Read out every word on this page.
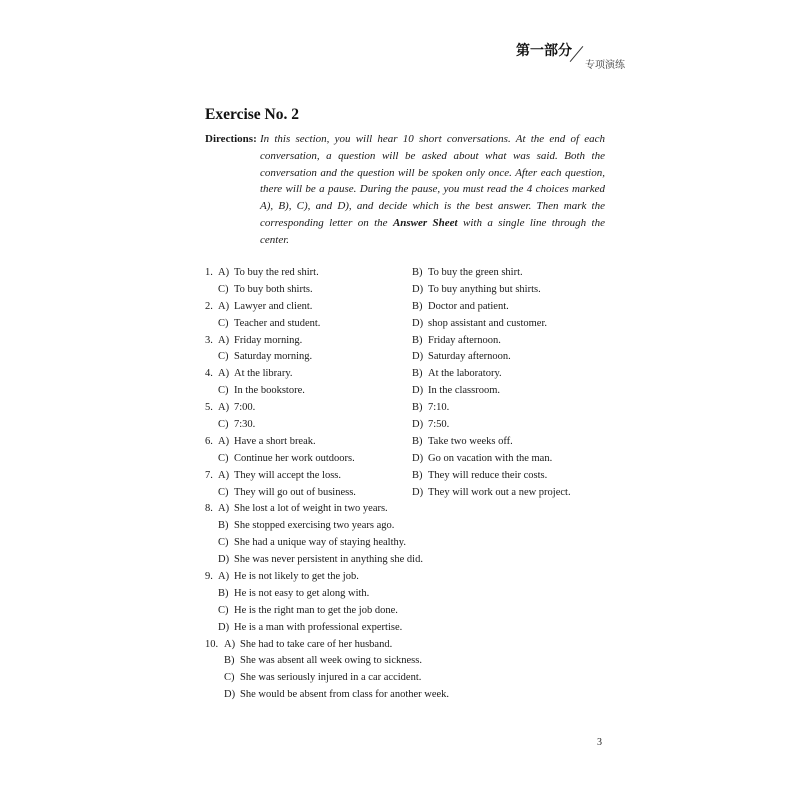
第一部分
专项演练
Exercise No. 2
Directions: In this section, you will hear 10 short conversations. At the end of each conversation, a question will be asked about what was said. Both the conversation and the question will be spoken only once. After each question, there will be a pause. During the pause, you must read the 4 choices marked A), B), C), and D), and decide which is the best answer. Then mark the corresponding letter on the Answer Sheet with a single line through the center.
1. A) To buy the red shirt.	B) To buy the green shirt.
C) To buy both shirts.	D) To buy anything but shirts.
2. A) Lawyer and client.	B) Doctor and patient.
C) Teacher and student.	D) shop assistant and customer.
3. A) Friday morning.	B) Friday afternoon.
C) Saturday morning.	D) Saturday afternoon.
4. A) At the library.	B) At the laboratory.
C) In the bookstore.	D) In the classroom.
5. A) 7:00.	B) 7:10.
C) 7:30.	D) 7:50.
6. A) Have a short break.	B) Take two weeks off.
C) Continue her work outdoors.	D) Go on vacation with the man.
7. A) They will accept the loss.	B) They will reduce their costs.
C) They will go out of business.	D) They will work out a new project.
8. A) She lost a lot of weight in two years.
B) She stopped exercising two years ago.
C) She had a unique way of staying healthy.
D) She was never persistent in anything she did.
9. A) He is not likely to get the job.
B) He is not easy to get along with.
C) He is the right man to get the job done.
D) He is a man with professional expertise.
10. A) She had to take care of her husband.
B) She was absent all week owing to sickness.
C) She was seriously injured in a car accident.
D) She would be absent from class for another week.
3
